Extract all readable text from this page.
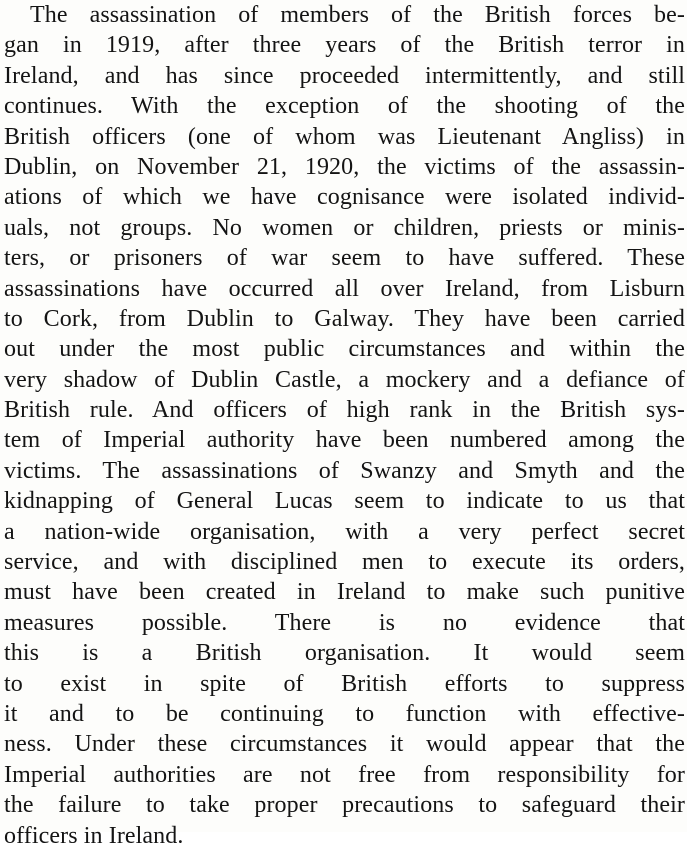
The assassination of members of the British forces be-
gan in 1919, after three years of the British terror in
Ireland, and has since proceeded intermittently, and still
continues. With the exception of the shooting of the
British officers (one of whom was Lieutenant Angliss) in
Dublin, on November 21, 1920, the victims of the assassin-
ations of which we have cognisance were isolated individ-
uals, not groups. No women or children, priests or minis-
ters, or prisoners of war seem to have suffered. These
assassinations have occurred all over Ireland, from Lisburn
to Cork, from Dublin to Galway. They have been carried
out under the most public circumstances and within the
very shadow of Dublin Castle, a mockery and a defiance of
British rule. And officers of high rank in the British sys-
tem of Imperial authority have been numbered among the
victims. The assassinations of Swanzy and Smyth and the
kidnapping of General Lucas seem to indicate to us that
a nation-wide organisation, with a very perfect secret
service, and with disciplined men to execute its orders,
must have been created in Ireland to make such punitive
measures possible. There is no evidence that
this is a British organisation. It would seem
to exist in spite of British efforts to suppress
it and to be continuing to function with effective-
ness. Under these circumstances it would appear that the
Imperial authorities are not free from responsibility for
the failure to take proper precautions to safeguard their
officers in Ireland.
